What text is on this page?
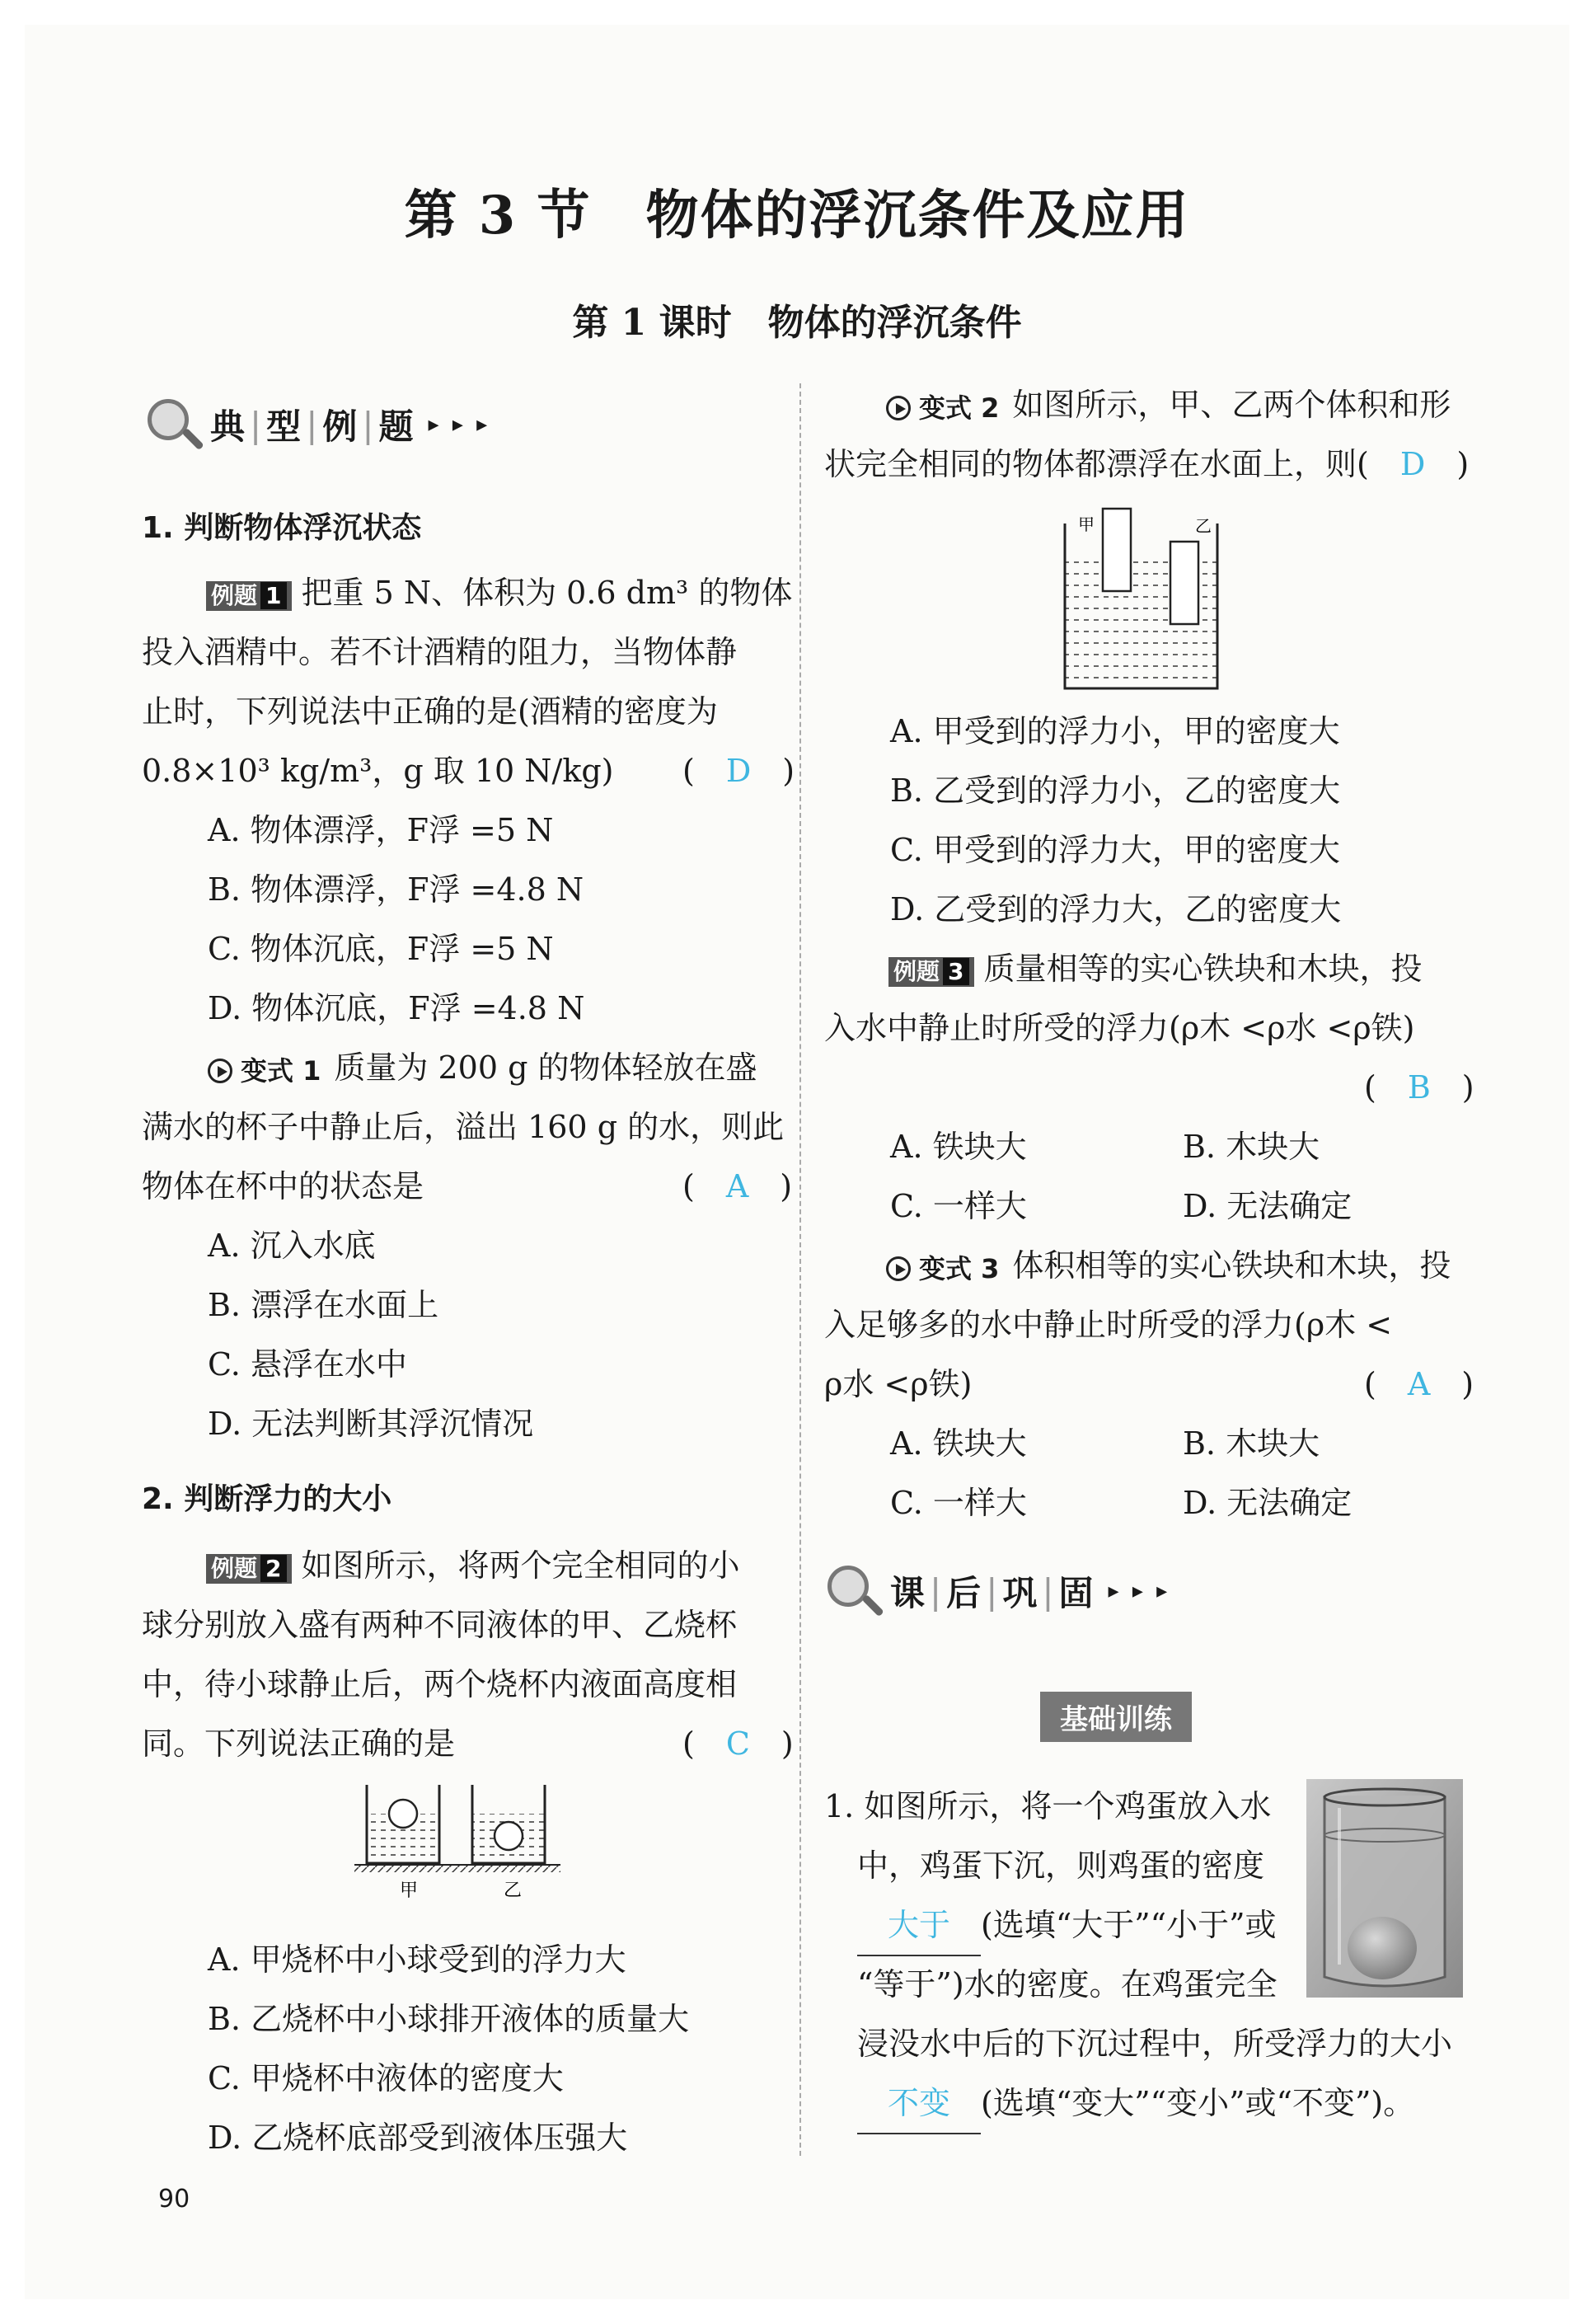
第 3 节　物体的浮沉条件及应用
第 1 课时　物体的浮沉条件
典 | 型 | 例 | 题 ▸ ▸ ▸
1. 判断物体浮沉状态
例题 1 把重 5 N、体积为 0.6 dm³ 的物体
投入酒精中。若不计酒精的阻力，当物体静
止时，下列说法中正确的是(酒精的密度为
0.8×10³ kg/m³，g 取 10 N/kg) (　D　)
A. 物体漂浮，F浮 =5 N
B. 物体漂浮，F浮 =4.8 N
C. 物体沉底，F浮 =5 N
D. 物体沉底，F浮 =4.8 N
变式 1 质量为 200 g 的物体轻放在盛
满水的杯子中静止后，溢出 160 g 的水，则此
物体在杯中的状态是	(　A　)
A. 沉入水底
B. 漂浮在水面上
C. 悬浮在水中
D. 无法判断其浮沉情况
2. 判断浮力的大小
例题 2 如图所示，将两个完全相同的小
球分别放入盛有两种不同液体的甲、乙烧杯
中，待小球静止后，两个烧杯内液面高度相
同。下列说法正确的是	(　C　)
甲	乙
A. 甲烧杯中小球受到的浮力大
B. 乙烧杯中小球排开液体的质量大
C. 甲烧杯中液体的密度大
D. 乙烧杯底部受到液体压强大
90
变式 2 如图所示，甲、乙两个体积和形
状完全相同的物体都漂浮在水面上，则(　 D　)
甲	乙
A. 甲受到的浮力小，甲的密度大
B. 乙受到的浮力小，乙的密度大
C. 甲受到的浮力大，甲的密度大
D. 乙受到的浮力大，乙的密度大
例题 3 质量相等的实心铁块和木块，投
入水中静止时所受的浮力(ρ木 <ρ水 <ρ铁)
(　B　)
A. 铁块大	B. 木块大
C. 一样大	D. 无法确定
变式 3 体积相等的实心铁块和木块，投
入足够多的水中静止时所受的浮力(ρ木 <
ρ水 <ρ铁)	(　A　)
A. 铁块大	B. 木块大
C. 一样大	D. 无法确定
课 | 后 | 巩 | 固 ▸ ▸ ▸
基础训练
1. 如图所示，将一个鸡蛋放入水
中，鸡蛋下沉，则鸡蛋的密度
大于 (选填“大于”“小于”或
“等于”)水的密度。在鸡蛋完全
浸没水中后的下沉过程中，所受浮力的大小
不变 (选填“变大”“变小”或“不变”)。
